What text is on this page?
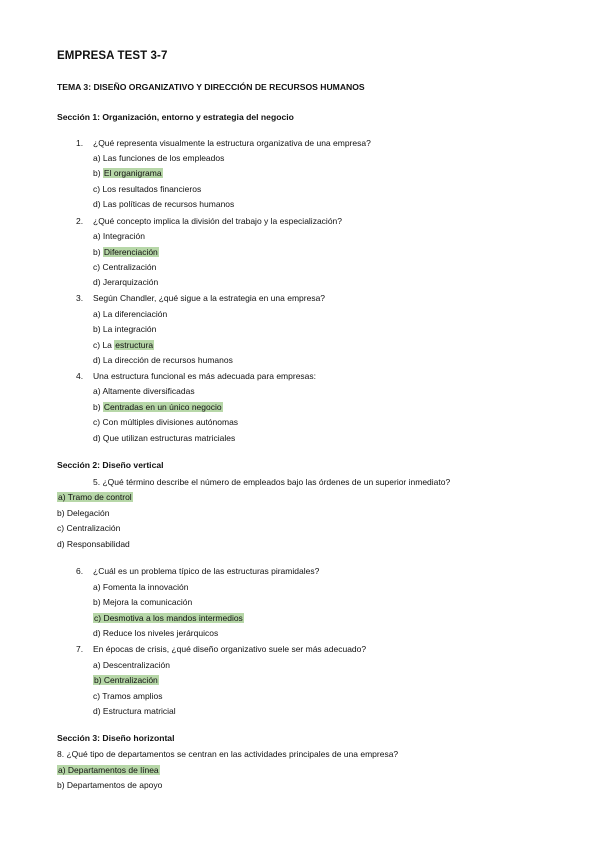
EMPRESA TEST 3-7
TEMA 3: DISEÑO ORGANIZATIVO Y DIRECCIÓN DE RECURSOS HUMANOS
Sección 1: Organización, entorno y estrategia del negocio
1. ¿Qué representa visualmente la estructura organizativa de una empresa?
a) Las funciones de los empleados
b) El organigrama
c) Los resultados financieros
d) Las políticas de recursos humanos
2. ¿Qué concepto implica la división del trabajo y la especialización?
a) Integración
b) Diferenciación
c) Centralización
d) Jerarquización
3. Según Chandler, ¿qué sigue a la estrategia en una empresa?
a) La diferenciación
b) La integración
c) La estructura
d) La dirección de recursos humanos
4. Una estructura funcional es más adecuada para empresas:
a) Altamente diversificadas
b) Centradas en un único negocio
c) Con múltiples divisiones autónomas
d) Que utilizan estructuras matriciales
Sección 2: Diseño vertical
5. ¿Qué término describe el número de empleados bajo las órdenes de un superior inmediato?
a) Tramo de control
b) Delegación
c) Centralización
d) Responsabilidad
6. ¿Cuál es un problema típico de las estructuras piramidales?
a) Fomenta la innovación
b) Mejora la comunicación
c) Desmotiva a los mandos intermedios
d) Reduce los niveles jerárquicos
7. En épocas de crisis, ¿qué diseño organizativo suele ser más adecuado?
a) Descentralización
b) Centralización
c) Tramos amplios
d) Estructura matricial
Sección 3: Diseño horizontal
8. ¿Qué tipo de departamentos se centran en las actividades principales de una empresa?
a) Departamentos de línea
b) Departamentos de apoyo
